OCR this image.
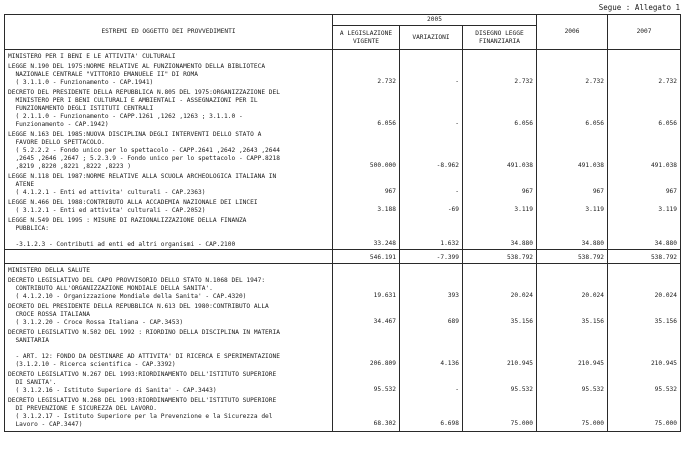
Segue : Allegato 1
ESTREMI ED OGGETTO DEI PROVVEDIMENTI	2005			2006	2007
	A LEGISLAZIONE VIGENTE	VARIAZIONI	DISEGNO LEGGE FINANZIARIA		

MINISTERO PER I BENI E LE ATTIVITA' CULTURALI					

LEGGE N.190 DEL 1975:NORME RELATIVE AL FUNZIONAMENTO DELLA BIBLIOTECA
NAZIONALE CENTRALE "VITTORIO EMANUELE II" DI ROMA
( 3.1.1.0 - Funzionamento - CAP.1941)	2.732	-	2.732	2.732	2.732

DECRETO DEL PRESIDENTE DELLA REPUBBLICA N.805 DEL 1975:ORGANIZZAZIONE DEL
MINISTERO PER I BENI CULTURALI E AMBIENTALI - ASSEGNAZIONI PER IL
FUNZIONAMENTO DEGLI ISTITUTI CENTRALI
( 2.1.1.0 - Funzionamento - CAPP.1261 ,1262 ,1263 ; 3.1.1.0 -
Funzionamento - CAP.1942)	6.056	-	6.056	6.056	6.056

LEGGE N.163 DEL 1985:NUOVA DISCIPLINA DEGLI INTERVENTI DELLO STATO A
FAVORE DELLO SPETTACOLO.
( 5.2.2.2 - Fondo unico per lo spettacolo - CAPP.2641 ,2642 ,2643 ,2644
,2645 ,2646 ,2647 ; 5.2.3.9 - Fondo unico per lo spettacolo - CAPP.8218
,8219 ,8220 ,8221 ,8222 ,8223 )	500.000	-8.962	491.038	491.038	491.038

LEGGE N.118 DEL 1987:NORME RELATIVE ALLA SCUOLA ARCHEOLOGICA ITALIANA IN
ATENE
( 4.1.2.1 - Enti ed attivita' culturali - CAP.2363)	967	-	967	967	967

LEGGE N.466 DEL 1988:CONTRIBUTO ALLA ACCADEMIA NAZIONALE DEI LINCEI
( 3.1.2.1 - Enti ed attivita' culturali - CAP.2052)	3.188	-69	3.119	3.119	3.119

LEGGE N.549 DEL 1995 : MISURE DI RAZIONALIZZAZIONE DELLA FINANZA
PUBBLICA:

-3.1.2.3 - Contributi ad enti ed altri organismi - CAP.2100	33.248	1.632	34.880	34.880	34.880

	546.191	-7.399	538.792	538.792	538.792

MINISTERO DELLA SALUTE					

DECRETO LEGISLATIVO DEL CAPO PROVVISORIO DELLO STATO N.1068 DEL 1947:
CONTRIBUTO ALL'ORGANIZZAZIONE MONDIALE DELLA SANITA'.
( 4.1.2.10 - Organizzazione Mondiale della Sanita' - CAP.4320)	19.631	393	20.024	20.024	20.024

DECRETO DEL PRESIDENTE DELLA REPUBBLICA N.613 DEL 1980:CONTRIBUTO ALLA
CROCE ROSSA ITALIANA
( 3.1.2.20 - Croce Rossa Italiana - CAP.3453)	34.467	689	35.156	35.156	35.156

DECRETO LEGISLATIVO N.502 DEL 1992 : RIORDINO DELLA DISCIPLINA IN MATERIA
SANITARIA

- ART. 12: FONDO DA DESTINARE AD ATTIVITA' DI RICERCA E SPERIMENTAZIONE
(3.1.2.10 - Ricerca scientifica - CAP.3392)	206.809	4.136	210.945	210.945	210.945

DECRETO LEGISLATIVO N.267 DEL 1993:RIORDINAMENTO DELL'ISTITUTO SUPERIORE
DI SANITA'.
( 3.1.2.16 - Istituto Superiore di Sanita' - CAP.3443)	95.532	-	95.532	95.532	95.532

DECRETO LEGISLATIVO N.268 DEL 1993:RIORDINAMENTO DELL'ISTITUTO SUPERIORE
DI PREVENZIONE E SICUREZZA DEL LAVORO.
( 3.1.2.17 - Istituto Superiore per la Prevenzione e la Sicurezza del
Lavoro - CAP.3447)	68.302	6.698	75.000	75.000	75.000
